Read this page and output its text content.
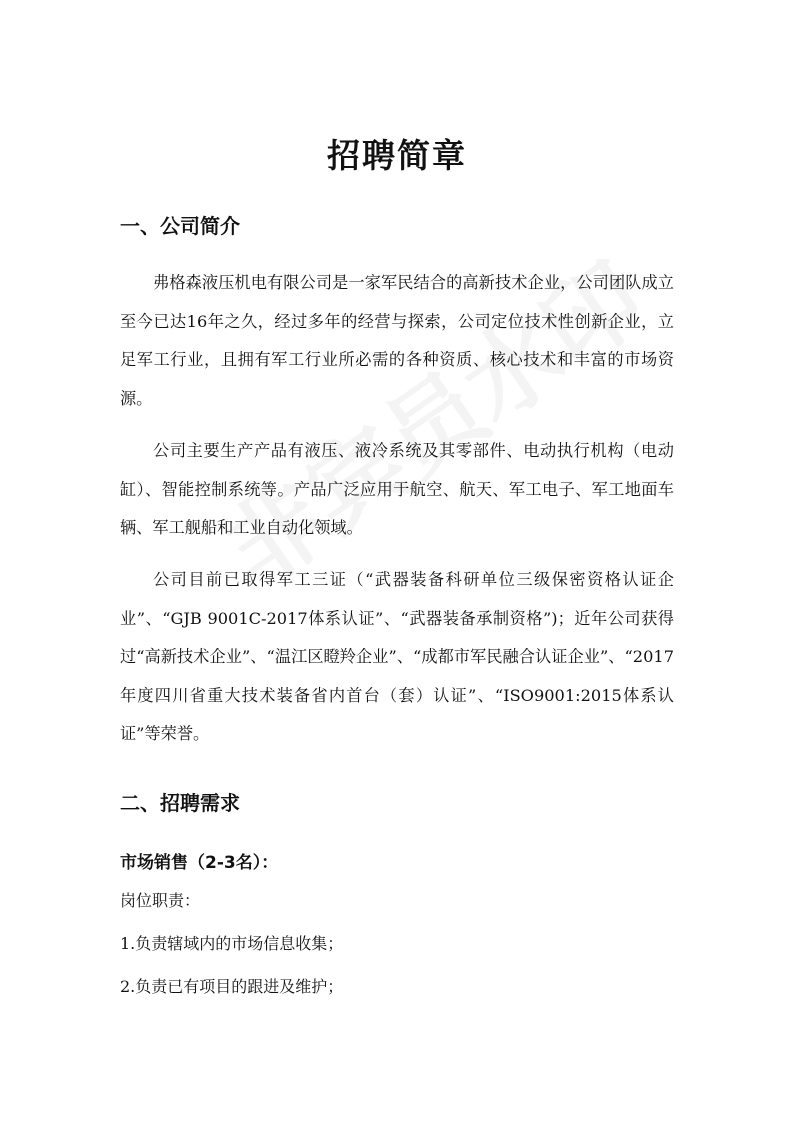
招聘简章
一、公司简介

弗格森液压机电有限公司是一家军民结合的高新技术企业，公司团队成立至今已达16年之久，经过多年的经营与探索，公司定位技术性创新企业，立足军工行业，且拥有军工行业所必需的各种资质、核心技术和丰富的市场资源。

公司主要生产产品有液压、液冷系统及其零部件、电动执行机构（电动缸）、智能控制系统等。产品广泛应用于航空、航天、军工电子、军工地面车辆、军工舰船和工业自动化领域。

公司目前已取得军工三证（“武器装备科研单位三级保密资格认证企业”、“GJB 9001C-2017体系认证”、“武器装备承制资格”)；近年公司获得过“高新技术企业”、“温江区瞪羚企业”、“成都市军民融合认证企业”、“2017年度四川省重大技术装备省内首台（套）认证”、“ISO9001:2015体系认证”等荣誉。

二、招聘需求
市场销售（2-3名）：
岗位职责：
1.负责辖域内的市场信息收集；
2.负责已有项目的跟进及维护；
